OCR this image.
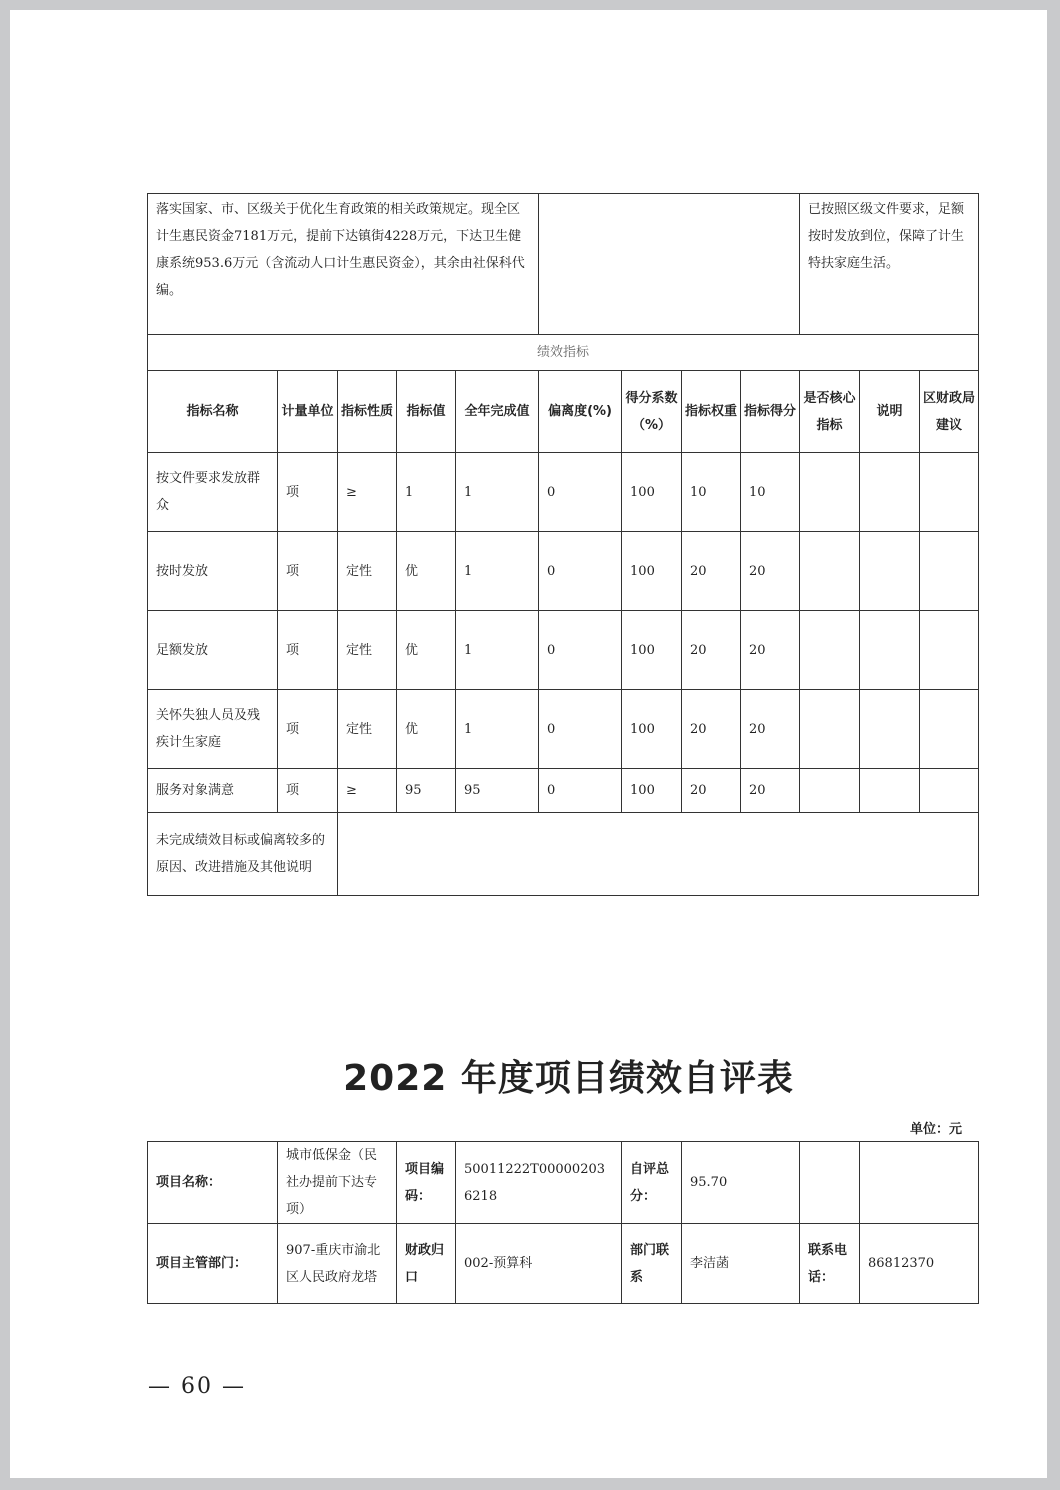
落实国家、市、区级关于优化生育政策的相关政策规定。现全区计生惠民资金7181万元，提前下达镇街4228万元，下达卫生健康系统953.6万元（含流动人口计生惠民资金），其余由社保科代编。									已按照区级文件要求，足额按时发放到位，保障了计生特扶家庭生活。		
绩效指标											
指标名称	计量单位	指标性质	指标值	全年完成值	偏离度(%)	得分系数（%）	指标权重	指标得分	是否核心指标	说明	区财政局建议
按文件要求发放群众	项	≥	1	1	0	100	10	10			
按时发放	项	定性	优	1	0	100	20	20			
足额发放	项	定性	优	1	0	100	20	20			
关怀失独人员及残疾计生家庭	项	定性	优	1	0	100	20	20			
服务对象满意	项	≥	95	95	0	100	20	20			
未完成绩效目标或偏离较多的原因、改进措施及其他说明											
2022 年度项目绩效自评表
单位：元
项目名称：	城市低保金（民社办提前下达专项）	项目编码：	50011222T000002036218	自评总分：	95.70		
项目主管部门：	907-重庆市渝北区人民政府龙塔	财政归口	002-预算科	部门联系	李洁菡	联系电话：	86812370
— 60 —
